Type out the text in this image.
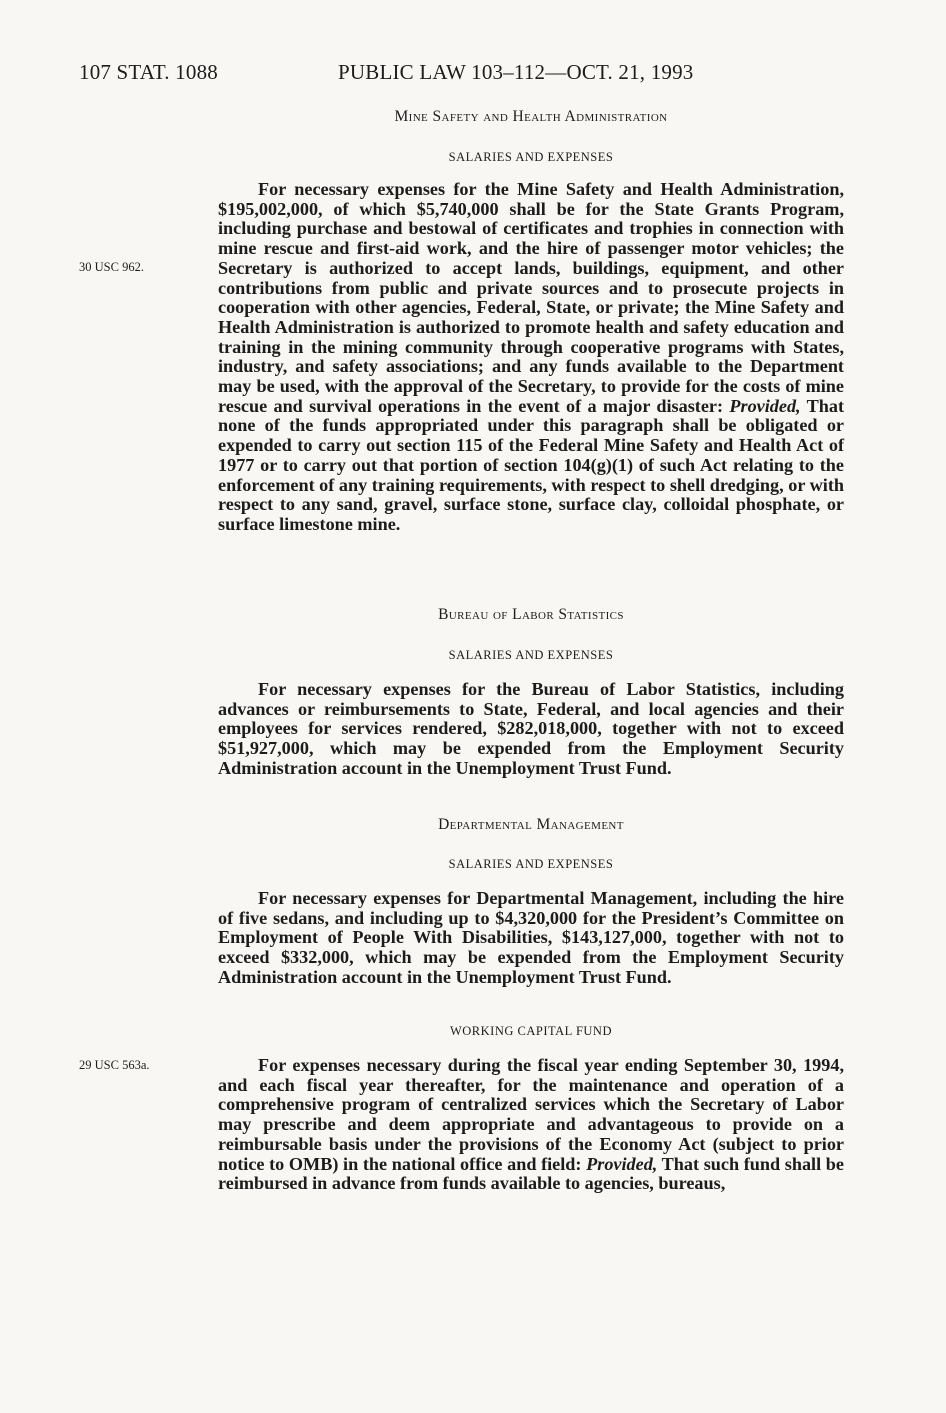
107 STAT. 1088	PUBLIC LAW 103–112—OCT. 21, 1993
Mine Safety and Health Administration
SALARIES AND EXPENSES
For necessary expenses for the Mine Safety and Health Administration, $195,002,000, of which $5,740,000 shall be for the State Grants Program, including purchase and bestowal of certificates and trophies in connection with mine rescue and first-aid work, and the hire of passenger motor vehicles; the Secretary is authorized to accept lands, buildings, equipment, and other contributions from public and private sources and to prosecute projects in cooperation with other agencies, Federal, State, or private; the Mine Safety and Health Administration is authorized to promote health and safety education and training in the mining community through cooperative programs with States, industry, and safety associations; and any funds available to the Department may be used, with the approval of the Secretary, to provide for the costs of mine rescue and survival operations in the event of a major disaster: Provided, That none of the funds appropriated under this paragraph shall be obligated or expended to carry out section 115 of the Federal Mine Safety and Health Act of 1977 or to carry out that portion of section 104(g)(1) of such Act relating to the enforcement of any training requirements, with respect to shell dredging, or with respect to any sand, gravel, surface stone, surface clay, colloidal phosphate, or surface limestone mine.
30 USC 962.
Bureau of Labor Statistics
SALARIES AND EXPENSES
For necessary expenses for the Bureau of Labor Statistics, including advances or reimbursements to State, Federal, and local agencies and their employees for services rendered, $282,018,000, together with not to exceed $51,927,000, which may be expended from the Employment Security Administration account in the Unemployment Trust Fund.
Departmental Management
SALARIES AND EXPENSES
For necessary expenses for Departmental Management, including the hire of five sedans, and including up to $4,320,000 for the President’s Committee on Employment of People With Disabilities, $143,127,000, together with not to exceed $332,000, which may be expended from the Employment Security Administration account in the Unemployment Trust Fund.
WORKING CAPITAL FUND
29 USC 563a.	For expenses necessary during the fiscal year ending September 30, 1994, and each fiscal year thereafter, for the maintenance and operation of a comprehensive program of centralized services which the Secretary of Labor may prescribe and deem appropriate and advantageous to provide on a reimbursable basis under the provisions of the Economy Act (subject to prior notice to OMB) in the national office and field: Provided, That such fund shall be reimbursed in advance from funds available to agencies, bureaus,
